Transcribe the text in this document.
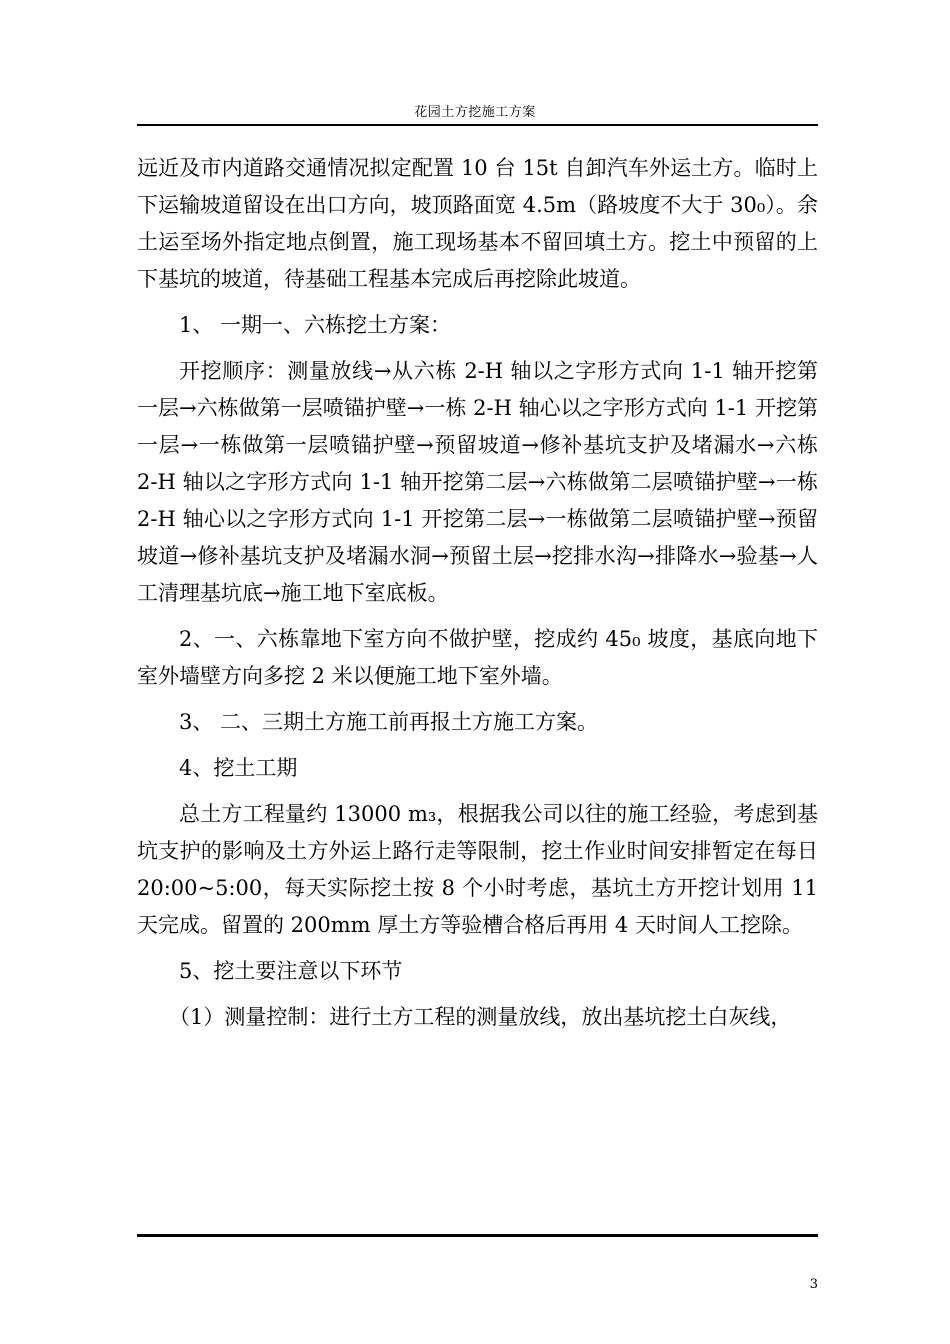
花园土方挖施工方案

远近及市内道路交通情况拟定配置 10 台 15t 自卸汽车外运土方。临时上下运输坡道留设在出口方向，坡顶路面宽 4.5m（路坡度不大于 30₀）。余土运至场外指定地点倒置，施工现场基本不留回填土方。挖土中预留的上下基坑的坡道，待基础工程基本完成后再挖除此坡道。

1、 一期一、六栋挖土方案：

开挖顺序：测量放线→从六栋 2-H 轴以之字形方式向 1-1 轴开挖第一层→六栋做第一层喷锚护壁→一栋 2-H 轴心以之字形方式向 1-1 开挖第一层→一栋做第一层喷锚护壁→预留坡道→修补基坑支护及堵漏水→六栋 2-H 轴以之字形方式向 1-1 轴开挖第二层→六栋做第二层喷锚护壁→一栋 2-H 轴心以之字形方式向 1-1 开挖第二层→一栋做第二层喷锚护壁→预留坡道→修补基坑支护及堵漏水洞→预留土层→挖排水沟→排降水→验基→人工清理基坑底→施工地下室底板。

2、一、六栋靠地下室方向不做护壁，挖成约 45₀ 坡度，基底向地下室外墙壁方向多挖 2 米以便施工地下室外墙。

3、 二、三期土方施工前再报土方施工方案。

4、挖土工期

总土方工程量约 13000 m₃，根据我公司以往的施工经验，考虑到基坑支护的影响及土方外运上路行走等限制，挖土作业时间安排暂定在每日 20:00~5:00，每天实际挖土按 8 个小时考虑，基坑土方开挖计划用 11 天完成。留置的 200mm 厚土方等验槽合格后再用 4 天时间人工挖除。

5、挖土要注意以下环节

（1）测量控制：进行土方工程的测量放线，放出基坑挖土白灰线，

3
